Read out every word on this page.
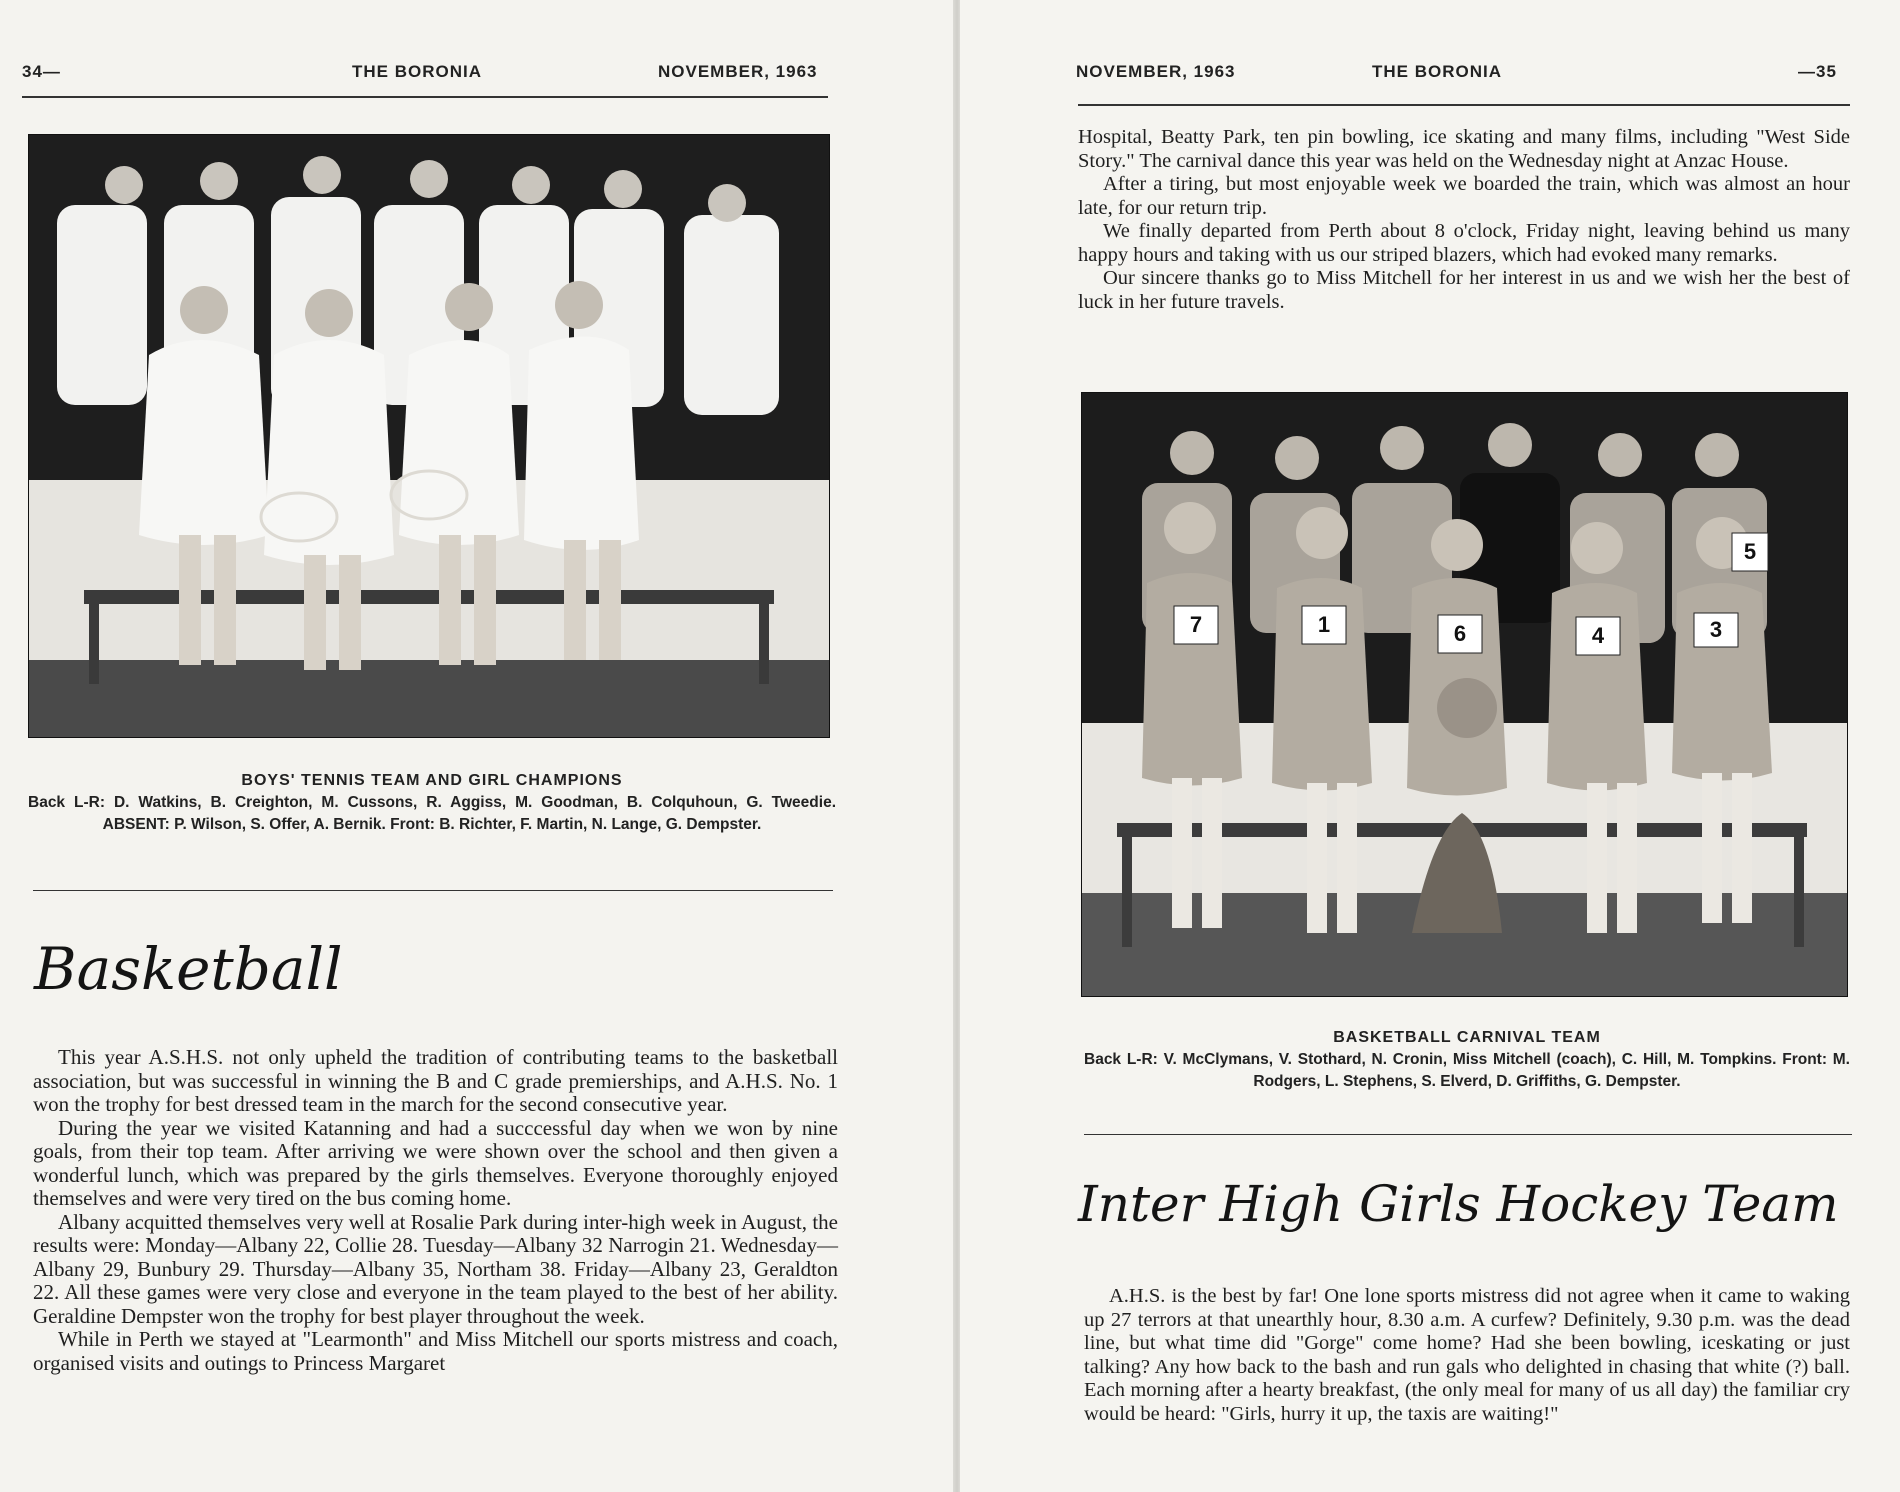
34—	THE BORONIA	NOVEMBER, 1963
BOYS' TENNIS TEAM AND GIRL CHAMPIONS
Back L-R: D. Watkins, B. Creighton, M. Cussons, R. Aggiss, M. Goodman, B. Colquhoun, G. Tweedie. ABSENT: P. Wilson, S. Offer, A. Bernik. Front: B. Richter, F. Martin, N. Lange, G. Dempster.
Basketball

This year A.S.H.S. not only upheld the tradition of contributing teams to the basketball association, but was successful in winning the B and C grade premierships, and A.H.S. No. 1 won the trophy for best dressed team in the march for the second consecutive year.

During the year we visited Katanning and had a succcessful day when we won by nine goals, from their top team. After arriving we were shown over the school and then given a wonderful lunch, which was prepared by the girls themselves. Everyone thoroughly enjoyed themselves and were very tired on the bus coming home.

Albany acquitted themselves very well at Rosalie Park during inter-high week in August, the results were: Monday—Albany 22, Collie 28. Tuesday—Albany 32 Narrogin 21. Wednesday—Albany 29, Bunbury 29. Thursday—Albany 35, Northam 38. Friday—Albany 23, Geraldton 22. All these games were very close and everyone in the team played to the best of her ability. Geraldine Dempster won the trophy for best player throughout the week.

While in Perth we stayed at "Learmonth" and Miss Mitchell our sports mistress and coach, organised visits and outings to Princess Margaret

NOVEMBER, 1963	THE BORONIA	—35

Hospital, Beatty Park, ten pin bowling, ice skating and many films, including "West Side Story." The carnival dance this year was held on the Wednesday night at Anzac House.

After a tiring, but most enjoyable week we boarded the train, which was almost an hour late, for our return trip.

We finally departed from Perth about 8 o'clock, Friday night, leaving behind us many happy hours and taking with us our striped blazers, which had evoked many remarks.

Our sincere thanks go to Miss Mitchell for her interest in us and we wish her the best of luck in her future travels.

7	1	6	4	3
5
BASKETBALL CARNIVAL TEAM
Back L-R: V. McClymans, V. Stothard, N. Cronin, Miss Mitchell (coach), C. Hill, M. Tompkins. Front: M. Rodgers, L. Stephens, S. Elverd, D. Griffiths, G. Dempster.
Inter High Girls Hockey Team

A.H.S. is the best by far! One lone sports mistress did not agree when it came to waking up 27 terrors at that unearthly hour, 8.30 a.m. A curfew? Definitely, 9.30 p.m. was the dead line, but what time did "Gorge" come home? Had she been bowling, iceskating or just talking? Any how back to the bash and run gals who delighted in chasing that white (?) ball. Each morning after a hearty breakfast, (the only meal for many of us all day) the familiar cry would be heard: "Girls, hurry it up, the taxis are waiting!"
